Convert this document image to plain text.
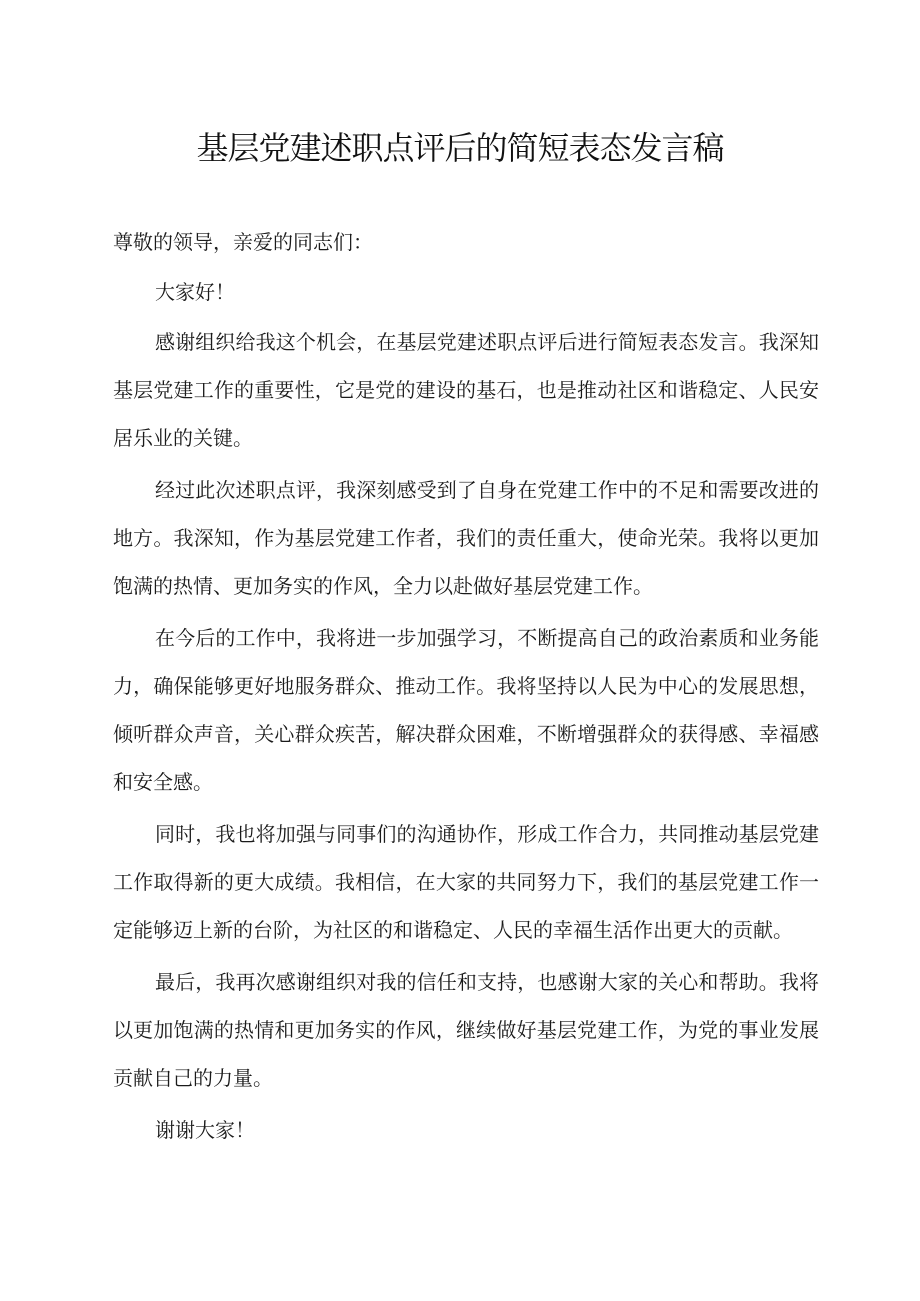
基层党建述职点评后的简短表态发言稿

尊敬的领导，亲爱的同志们：

大家好！

感谢组织给我这个机会，在基层党建述职点评后进行简短表态发言。我深知基层党建工作的重要性，它是党的建设的基石，也是推动社区和谐稳定、人民安居乐业的关键。

经过此次述职点评，我深刻感受到了自身在党建工作中的不足和需要改进的地方。我深知，作为基层党建工作者，我们的责任重大，使命光荣。我将以更加饱满的热情、更加务实的作风，全力以赴做好基层党建工作。

在今后的工作中，我将进一步加强学习，不断提高自己的政治素质和业务能力，确保能够更好地服务群众、推动工作。我将坚持以人民为中心的发展思想，倾听群众声音，关心群众疾苦，解决群众困难，不断增强群众的获得感、幸福感和安全感。

同时，我也将加强与同事们的沟通协作，形成工作合力，共同推动基层党建工作取得新的更大成绩。我相信，在大家的共同努力下，我们的基层党建工作一定能够迈上新的台阶，为社区的和谐稳定、人民的幸福生活作出更大的贡献。

最后，我再次感谢组织对我的信任和支持，也感谢大家的关心和帮助。我将以更加饱满的热情和更加务实的作风，继续做好基层党建工作，为党的事业发展贡献自己的力量。

谢谢大家！
